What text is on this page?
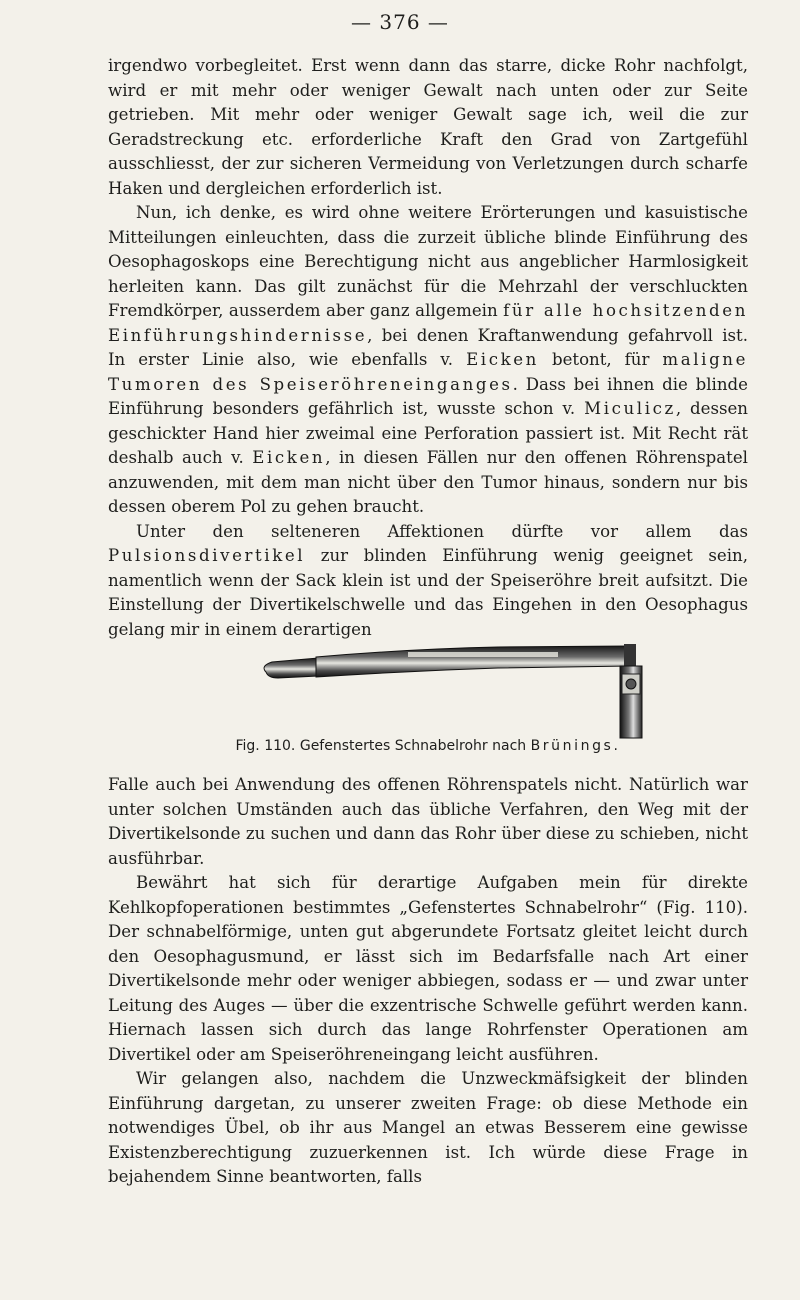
— 376 —

irgendwo vorbegleitet. Erst wenn dann das starre, dicke Rohr nachfolgt, wird er mit mehr oder weniger Gewalt nach unten oder zur Seite getrieben. Mit mehr oder weniger Gewalt sage ich, weil die zur Geradstreckung etc. erforderliche Kraft den Grad von Zartgefühl ausschliesst, der zur sicheren Vermeidung von Verletzungen durch scharfe Haken und dergleichen erforderlich ist.

Nun, ich denke, es wird ohne weitere Erörterungen und kasuistische Mitteilungen einleuchten, dass die zurzeit übliche blinde Einführung des Oesophagoskops eine Berechtigung nicht aus angeblicher Harmlosigkeit herleiten kann. Das gilt zunächst für die Mehrzahl der verschluckten Fremdkörper, ausserdem aber ganz allgemein für alle hochsitzenden Einführungshindernisse, bei denen Kraftanwendung gefahrvoll ist. In erster Linie also, wie ebenfalls v. Eicken betont, für maligne Tumoren des Speiseröhreneinganges. Dass bei ihnen die blinde Einführung besonders gefährlich ist, wusste schon v. Miculicz, dessen geschickter Hand hier zweimal eine Perforation passiert ist. Mit Recht rät deshalb auch v. Eicken, in diesen Fällen nur den offenen Röhrenspatel anzuwenden, mit dem man nicht über den Tumor hinaus, sondern nur bis dessen oberem Pol zu gehen braucht.

Unter den selteneren Affektionen dürfte vor allem das Pulsionsdivertikel zur blinden Einführung wenig geeignet sein, namentlich wenn der Sack klein ist und der Speiseröhre breit aufsitzt. Die Einstellung der Divertikelschwelle und das Eingehen in den Oesophagus gelang mir in einem derartigen

Fig. 110. Gefenstertes Schnabelrohr nach Brünings.

Falle auch bei Anwendung des offenen Röhrenspatels nicht. Natürlich war unter solchen Umständen auch das übliche Verfahren, den Weg mit der Divertikelsonde zu suchen und dann das Rohr über diese zu schieben, nicht ausführbar.

Bewährt hat sich für derartige Aufgaben mein für direkte Kehlkopfoperationen bestimmtes „Gefenstertes Schnabelrohr“ (Fig. 110). Der schnabelförmige, unten gut abgerundete Fortsatz gleitet leicht durch den Oesophagusmund, er lässt sich im Bedarfsfalle nach Art einer Divertikelsonde mehr oder weniger abbiegen, sodass er — und zwar unter Leitung des Auges — über die exzentrische Schwelle geführt werden kann. Hiernach lassen sich durch das lange Rohrfenster Operationen am Divertikel oder am Speiseröhreneingang leicht ausführen.

Wir gelangen also, nachdem die Unzweckmäfsigkeit der blinden Einführung dargetan, zu unserer zweiten Frage: ob diese Methode ein notwendiges Übel, ob ihr aus Mangel an etwas Besserem eine gewisse Existenzberechtigung zuzuerkennen ist. Ich würde diese Frage in bejahendem Sinne beantworten, falls
